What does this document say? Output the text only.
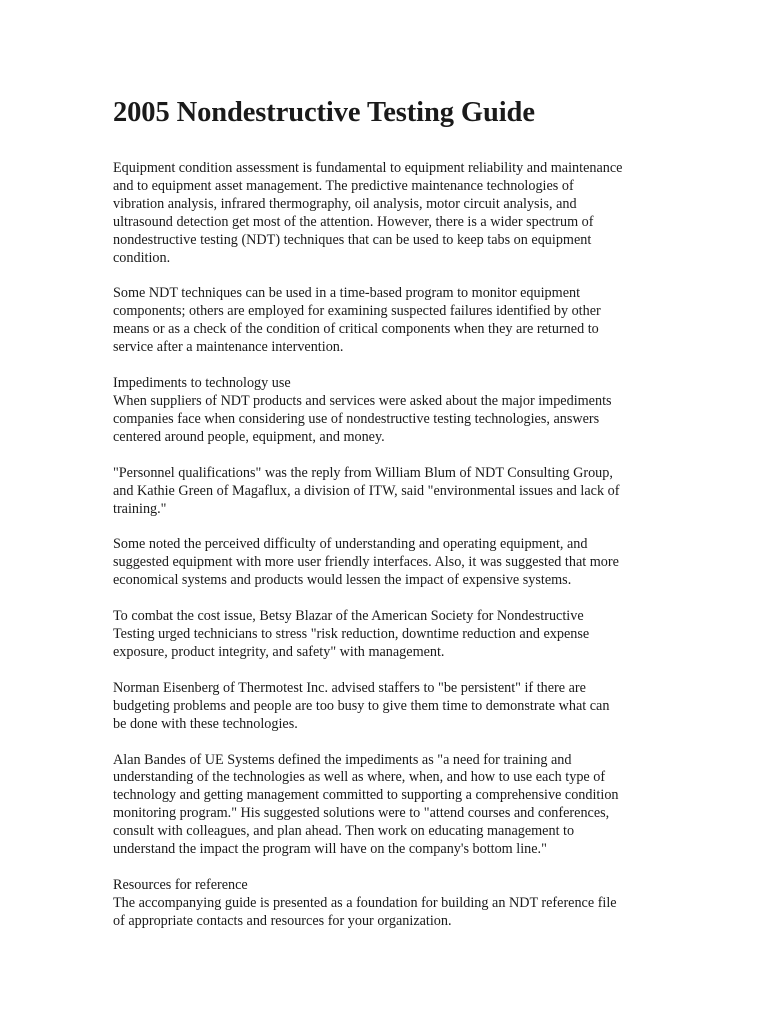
2005 Nondestructive Testing Guide

Equipment condition assessment is fundamental to equipment reliability and maintenance
and to equipment asset management. The predictive maintenance technologies of
vibration analysis, infrared thermography, oil analysis, motor circuit analysis, and
ultrasound detection get most of the attention. However, there is a wider spectrum of
nondestructive testing (NDT) techniques that can be used to keep tabs on equipment
condition.

Some NDT techniques can be used in a time-based program to monitor equipment
components; others are employed for examining suspected failures identified by other
means or as a check of the condition of critical components when they are returned to
service after a maintenance intervention.

Impediments to technology use
When suppliers of NDT products and services were asked about the major impediments
companies face when considering use of nondestructive testing technologies, answers
centered around people, equipment, and money.

"Personnel qualifications" was the reply from William Blum of NDT Consulting Group,
and Kathie Green of Magaflux, a division of ITW, said "environmental issues and lack of
training."

Some noted the perceived difficulty of understanding and operating equipment, and
suggested equipment with more user friendly interfaces. Also, it was suggested that more
economical systems and products would lessen the impact of expensive systems.

To combat the cost issue, Betsy Blazar of the American Society for Nondestructive
Testing urged technicians to stress "risk reduction, downtime reduction and expense
exposure, product integrity, and safety" with management.

Norman Eisenberg of Thermotest Inc. advised staffers to "be persistent" if there are
budgeting problems and people are too busy to give them time to demonstrate what can
be done with these technologies.

Alan Bandes of UE Systems defined the impediments as "a need for training and
understanding of the technologies as well as where, when, and how to use each type of
technology and getting management committed to supporting a comprehensive condition
monitoring program." His suggested solutions were to "attend courses and conferences,
consult with colleagues, and plan ahead. Then work on educating management to
understand the impact the program will have on the company's bottom line."

Resources for reference
The accompanying guide is presented as a foundation for building an NDT reference file
of appropriate contacts and resources for your organization.
